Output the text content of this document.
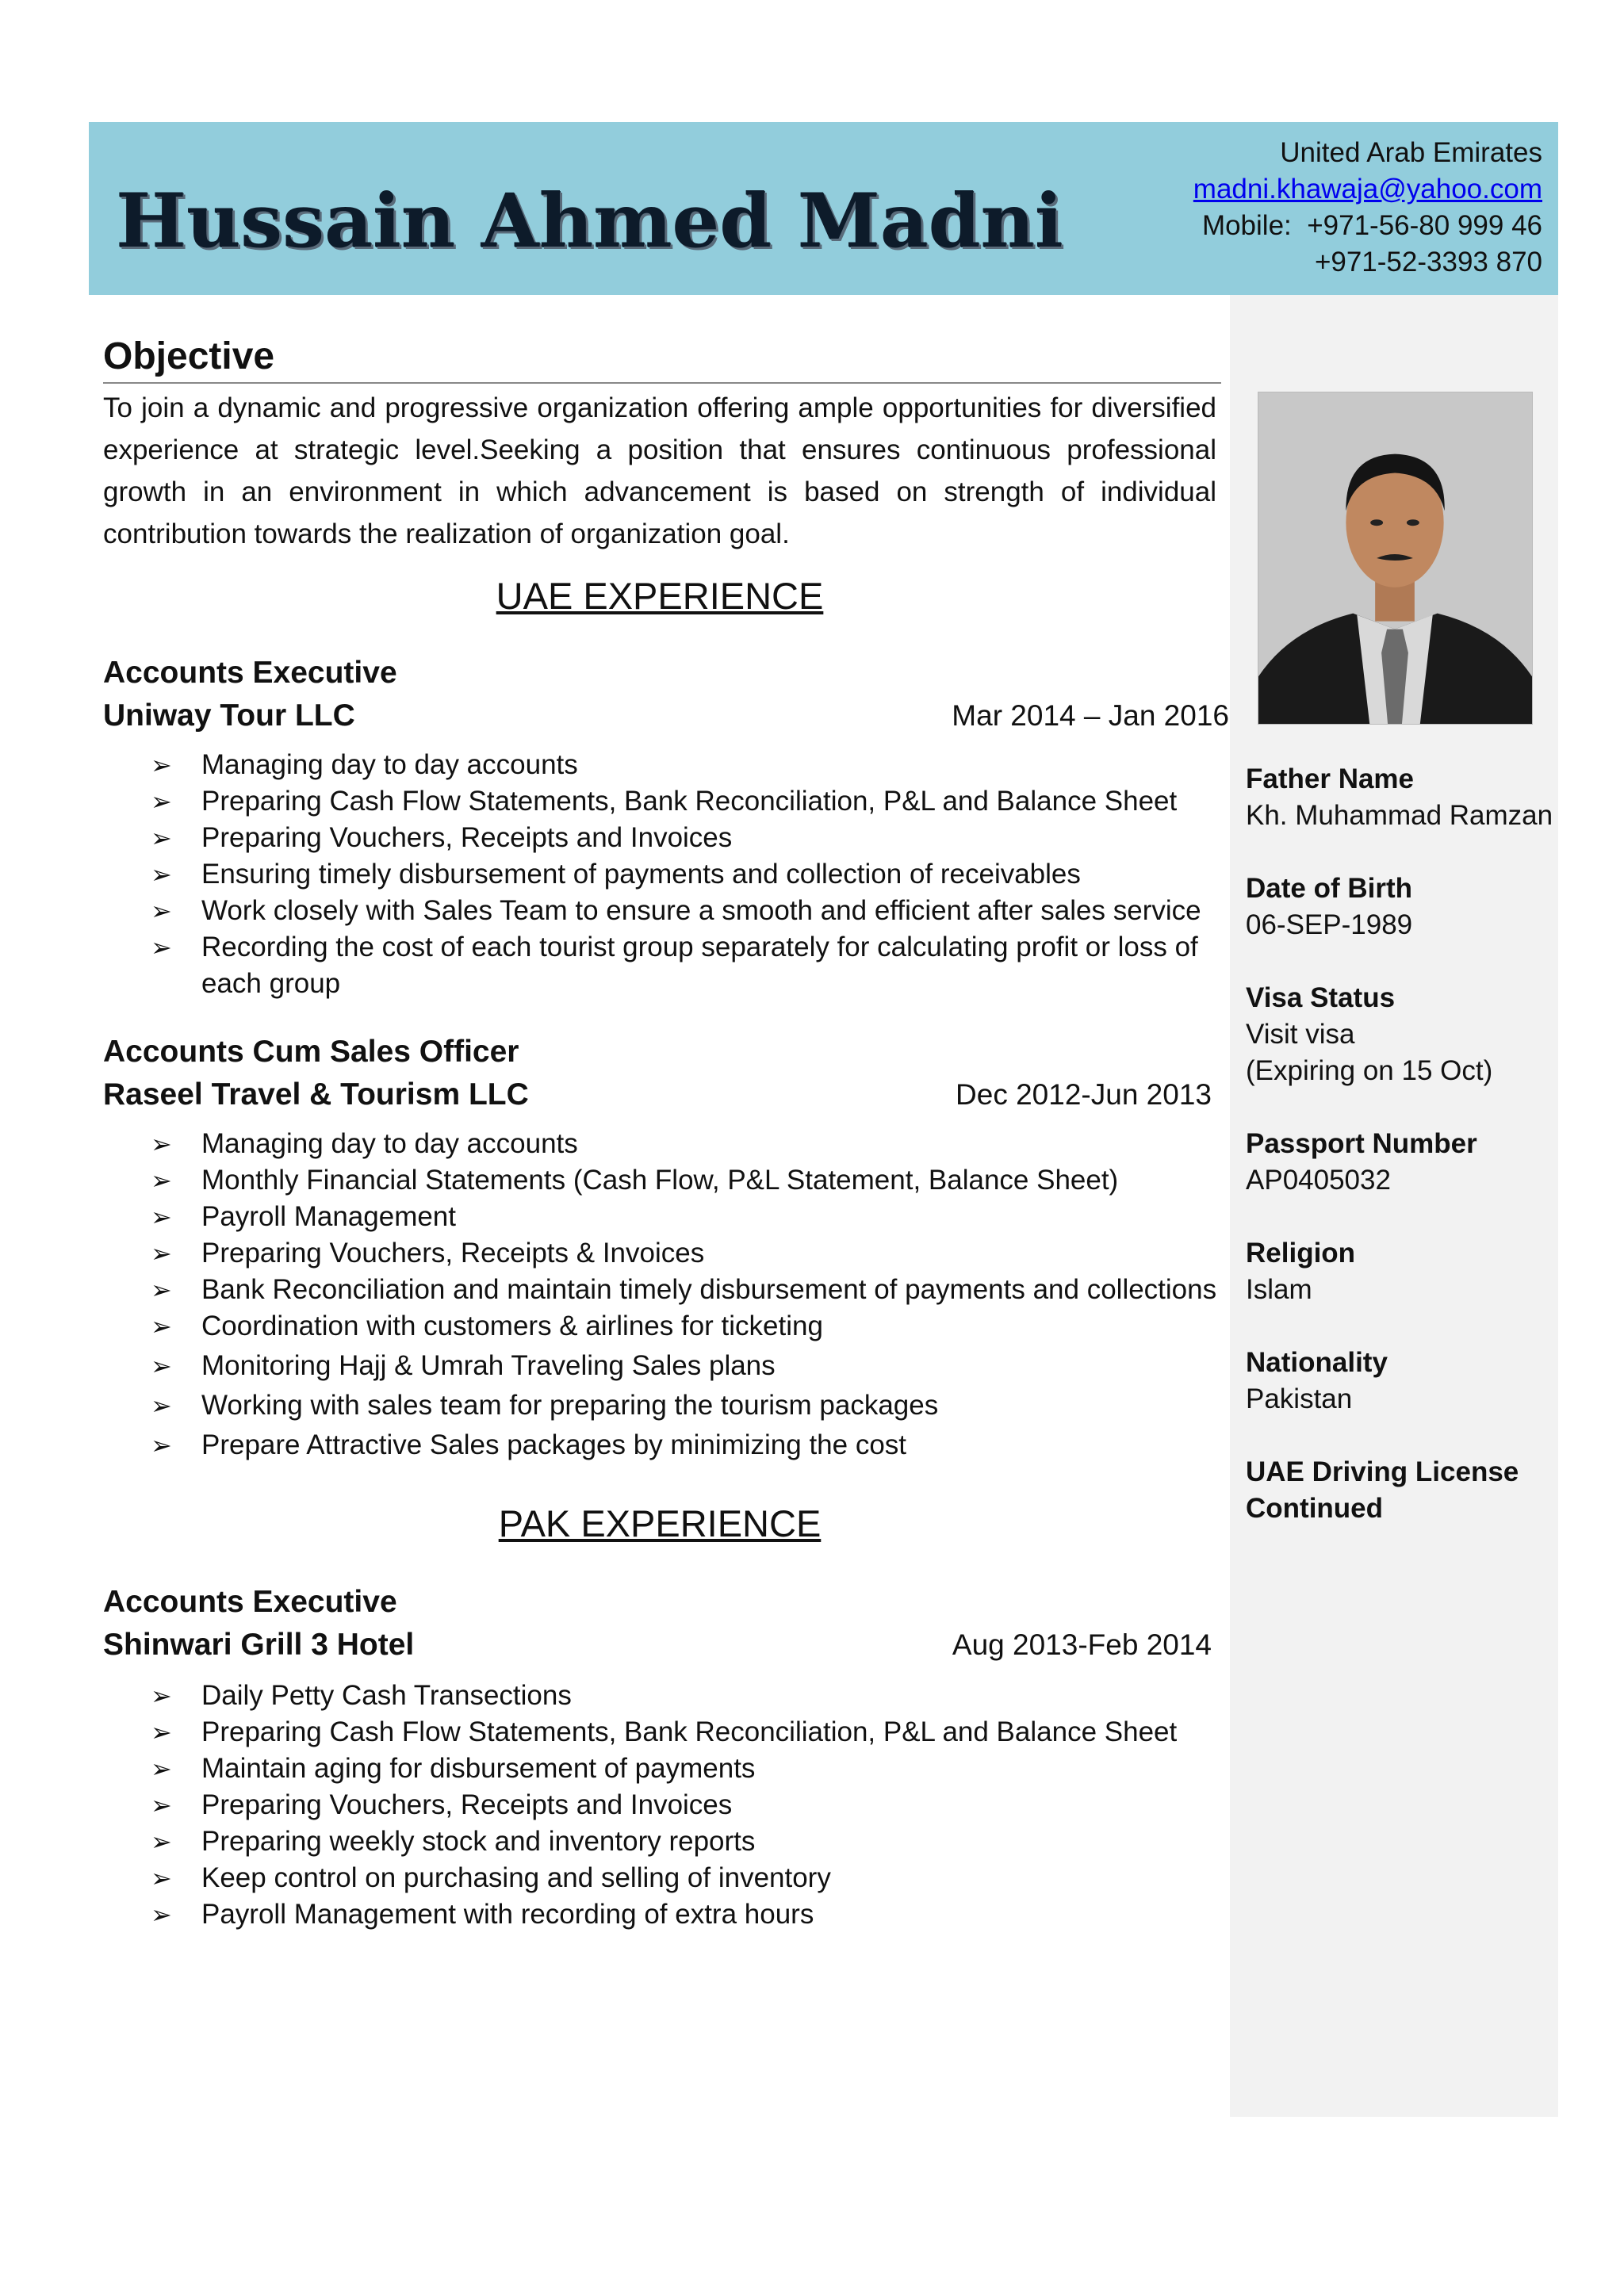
Hussain Ahmed Madni
United Arab Emirates
madni.khawaja@yahoo.com
Mobile:  +971-56-80 999 46
+971-52-3393 870
Father Name
Kh. Muhammad Ramzan
Date of Birth
06-SEP-1989
Visa Status
Visit visa
(Expiring on 15 Oct)
Passport Number
AP0405032
Religion
Islam
Nationality
Pakistan
UAE Driving License
Continued
Objective
To join a dynamic and progressive organization offering ample opportunities for diversified experience at strategic level.Seeking a position that ensures continuous professional growth in an environment in which advancement is based on strength of individual contribution towards the realization of organization goal.
UAE EXPERIENCE
Accounts Executive
Uniway Tour LLC	Mar 2014 – Jan 2016
➢	Managing day to day accounts
➢	Preparing Cash Flow Statements, Bank Reconciliation, P&L and Balance Sheet
➢	Preparing Vouchers, Receipts and Invoices
➢	Ensuring timely disbursement of payments and collection of receivables
➢	Work closely with Sales Team to ensure a smooth and efficient after sales service
➢	Recording the cost of each tourist group separately for calculating profit or loss of each group
Accounts Cum Sales Officer
Raseel Travel & Tourism LLC	Dec 2012-Jun 2013
➢	Managing day to day accounts
➢	Monthly Financial Statements (Cash Flow, P&L Statement, Balance Sheet)
➢	Payroll Management
➢	Preparing Vouchers, Receipts & Invoices
➢	Bank Reconciliation and maintain timely disbursement of payments and collections
➢	Coordination with customers & airlines for ticketing
➢	Monitoring Hajj & Umrah Traveling Sales plans
➢	Working with sales team for preparing the tourism packages
➢	Prepare Attractive Sales packages by minimizing the cost
PAK EXPERIENCE
Accounts Executive
Shinwari Grill 3 Hotel	Aug 2013-Feb 2014
➢	Daily Petty Cash Transections
➢	Preparing Cash Flow Statements, Bank Reconciliation, P&L and Balance Sheet
➢	Maintain aging for disbursement of payments
➢	Preparing Vouchers, Receipts and Invoices
➢	Preparing weekly stock and inventory reports
➢	Keep control on purchasing and selling of inventory
➢	Payroll Management with recording of extra hours
